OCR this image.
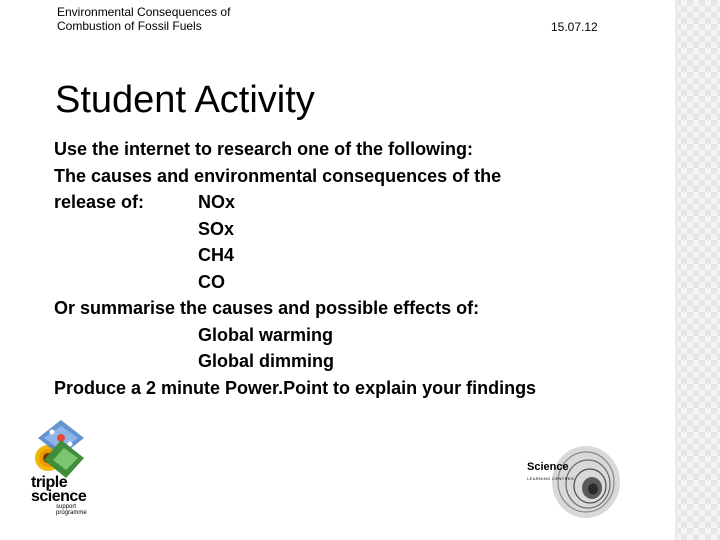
Environmental Consequences of
Combustion of Fossil Fuels	15.07.12
Student Activity
Use the internet to research one of the following:
The causes and environmental consequences of the
release of:	NOx
SOx
CH4
CO
Or summarise the causes and possible effects of:
Global warming
Global dimming
Produce a 2 minute Power.Point to explain your findings
triple
science
support
programme
Science
LEARNING CENTRES
